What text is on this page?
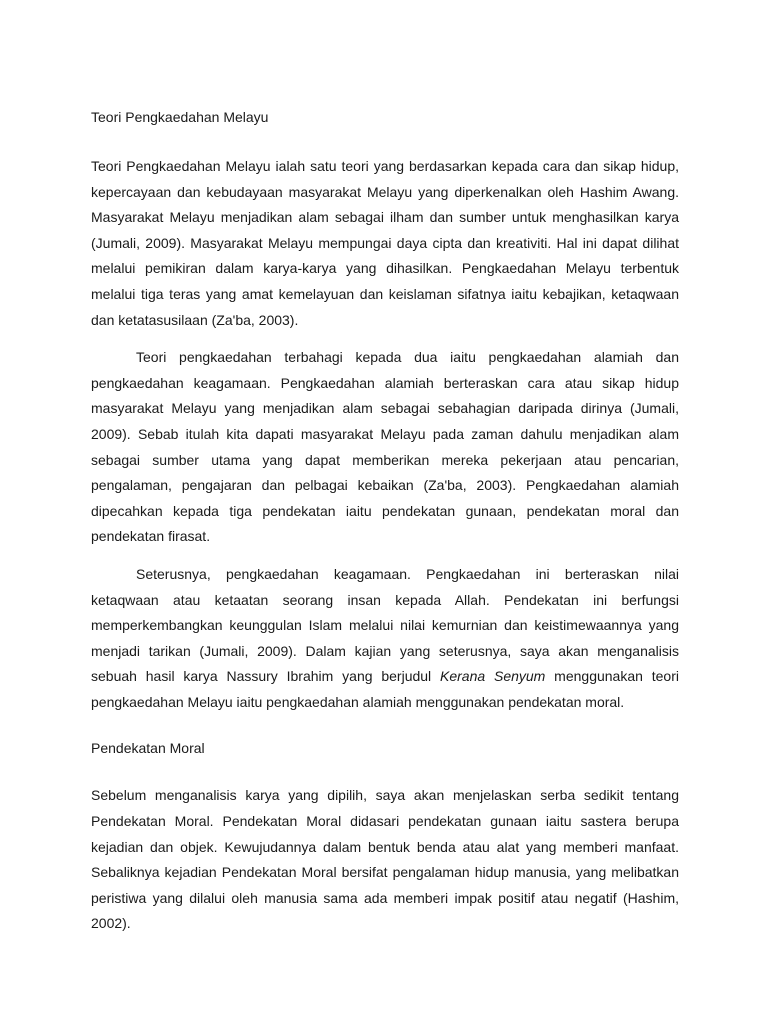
Teori Pengkaedahan Melayu

Teori Pengkaedahan Melayu ialah satu teori yang berdasarkan kepada cara dan sikap hidup, kepercayaan dan kebudayaan masyarakat Melayu yang diperkenalkan oleh Hashim Awang. Masyarakat Melayu menjadikan alam sebagai ilham dan sumber untuk menghasilkan karya (Jumali, 2009). Masyarakat Melayu mempungai daya cipta dan kreativiti. Hal ini dapat dilihat melalui pemikiran dalam karya-karya yang dihasilkan. Pengkaedahan Melayu terbentuk melalui tiga teras yang amat kemelayuan dan keislaman sifatnya iaitu kebajikan, ketaqwaan dan ketatasusilaan (Za'ba, 2003).

Teori pengkaedahan terbahagi kepada dua iaitu pengkaedahan alamiah dan pengkaedahan keagamaan. Pengkaedahan alamiah berteraskan cara atau sikap hidup masyarakat Melayu yang menjadikan alam sebagai sebahagian daripada dirinya (Jumali, 2009). Sebab itulah kita dapati masyarakat Melayu pada zaman dahulu menjadikan alam sebagai sumber utama yang dapat memberikan mereka pekerjaan atau pencarian, pengalaman, pengajaran dan pelbagai kebaikan (Za'ba, 2003). Pengkaedahan alamiah dipecahkan kepada tiga pendekatan iaitu pendekatan gunaan, pendekatan moral dan pendekatan firasat.

Seterusnya, pengkaedahan keagamaan. Pengkaedahan ini berteraskan nilai ketaqwaan atau ketaatan seorang insan kepada Allah. Pendekatan ini berfungsi memperkembangkan keunggulan Islam melalui nilai kemurnian dan keistimewaannya yang menjadi tarikan (Jumali, 2009). Dalam kajian yang seterusnya, saya akan menganalisis sebuah hasil karya Nassury Ibrahim yang berjudul Kerana Senyum menggunakan teori pengkaedahan Melayu iaitu pengkaedahan alamiah menggunakan pendekatan moral.

Pendekatan Moral

Sebelum menganalisis karya yang dipilih, saya akan menjelaskan serba sedikit tentang Pendekatan Moral. Pendekatan Moral didasari pendekatan gunaan iaitu sastera berupa kejadian dan objek. Kewujudannya dalam bentuk benda atau alat yang memberi manfaat. Sebaliknya kejadian Pendekatan Moral bersifat pengalaman hidup manusia, yang melibatkan peristiwa yang dilalui oleh manusia sama ada memberi impak positif atau negatif (Hashim, 2002).
